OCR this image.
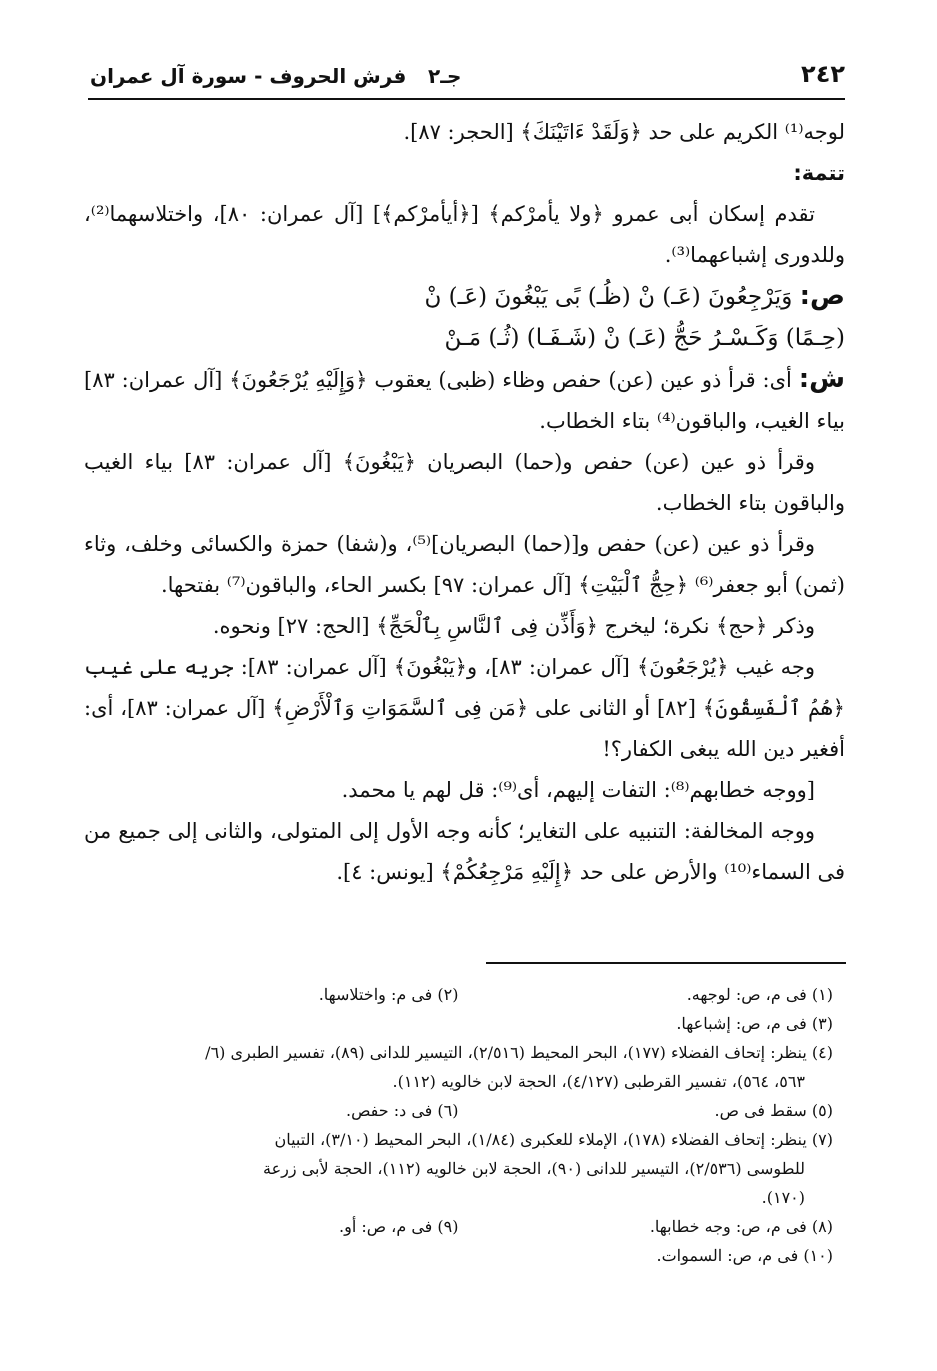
٢٤٢
جـ٢
فرش الحروف - سورة آل عمران

لوجه⁽¹⁾ الكريم على حد ﴿وَلَقَدْ ءَاتَيْنَكَ﴾ [الحجر: ٨٧].

تتمة:

تقدم إسكان أبى عمرو ﴿ولا يأمرْكم﴾ [﴿أيأمرْكم﴾] [آل عمران: ٨٠]، واختلاسهما⁽²⁾، وللدورى إشباعهما⁽³⁾.

ص: وَيَرْجِعُونَ (عَـ) نْ (ظُـ) بًى يَبْغُونَ (عَـ) نْ

(حِـمًا) وَكَـسْـرُ حَجُّ (عَـ) نْ (شَـفَـا) (ثُـ) مَـنْ

ش: أى: قرأ ذو عين (عن) حفص وظاء (ظبى) يعقوب ﴿وَإِلَيْهِ يُرْجَعُونَ﴾ [آل عمران: ٨٣] بياء الغيب، والباقون⁽⁴⁾ بتاء الخطاب.

وقرأ ذو عين (عن) حفص و(حما) البصريان ﴿يَبْغُونَ﴾ [آل عمران: ٨٣] بياء الغيب والباقون بتاء الخطاب.

وقرأ ذو عين (عن) حفص و[(حما) البصريان]⁽⁵⁾، و(شفا) حمزة والكسائى وخلف، وثاء (ثمن) أبو جعفر⁽⁶⁾ ﴿حِجُّ ٱلْبَيْتِ﴾ [آل عمران: ٩٧] بكسر الحاء، والباقون⁽⁷⁾ بفتحها.

وذكر ﴿حج﴾ نكرة؛ ليخرج ﴿وَأَذِّن فِى ٱلنَّاسِ بِٱلْحَجِّ﴾ [الحج: ٢٧] ونحوه.

وجه غيب ﴿يُرْجَعُونَ﴾ [آل عمران: ٨٣]، و﴿يَبْغُونَ﴾ [آل عمران: ٨٣]: جريه على غيب ﴿هُمُ ٱلْفَسِقُونَ﴾ [٨٢] أو الثانى على ﴿مَن فِى ٱلسَّمَوَاتِ وَٱلْأَرْضِ﴾ [آل عمران: ٨٣]، أى: أفغير دين الله يبغى الكفار؟!

[ووجه خطابهم⁽⁸⁾: التفات إليهم، أى⁽⁹⁾: قل لهم يا محمد.

ووجه المخالفة: التنبيه على التغاير؛ كأنه وجه الأول إلى المتولى، والثانى إلى جميع من فى السماء⁽¹⁰⁾ والأرض على حد ﴿إِلَيْهِ مَرْجِعُكُمْ﴾ [يونس: ٤].

(١) فى م، ص: لوجهه.
(٢) فى م: واختلاسها.
(٣) فى م، ص: إشباعها.
(٤) ينظر: إتحاف الفضلاء (١٧٧)، البحر المحيط (٢/٥١٦)، التيسير للدانى (٨٩)، تفسير الطبرى (٦/
٥٦٣، ٥٦٤)، تفسير القرطبى (٤/١٢٧)، الحجة لابن خالويه (١١٢).
(٥) سقط فى ص.
(٦) فى د: حفص.
(٧) ينظر: إتحاف الفضلاء (١٧٨)، الإملاء للعكبرى (١/٨٤)، البحر المحيط (٣/١٠)، التبيان
للطوسى (٢/٥٣٦)، التيسير للدانى (٩٠)، الحجة لابن خالويه (١١٢)، الحجة لأبى زرعة
(١٧٠).
(٨) فى م، ص: وجه خطابها.
(٩) فى م، ص: أو.
(١٠) فى م، ص: السموات.
